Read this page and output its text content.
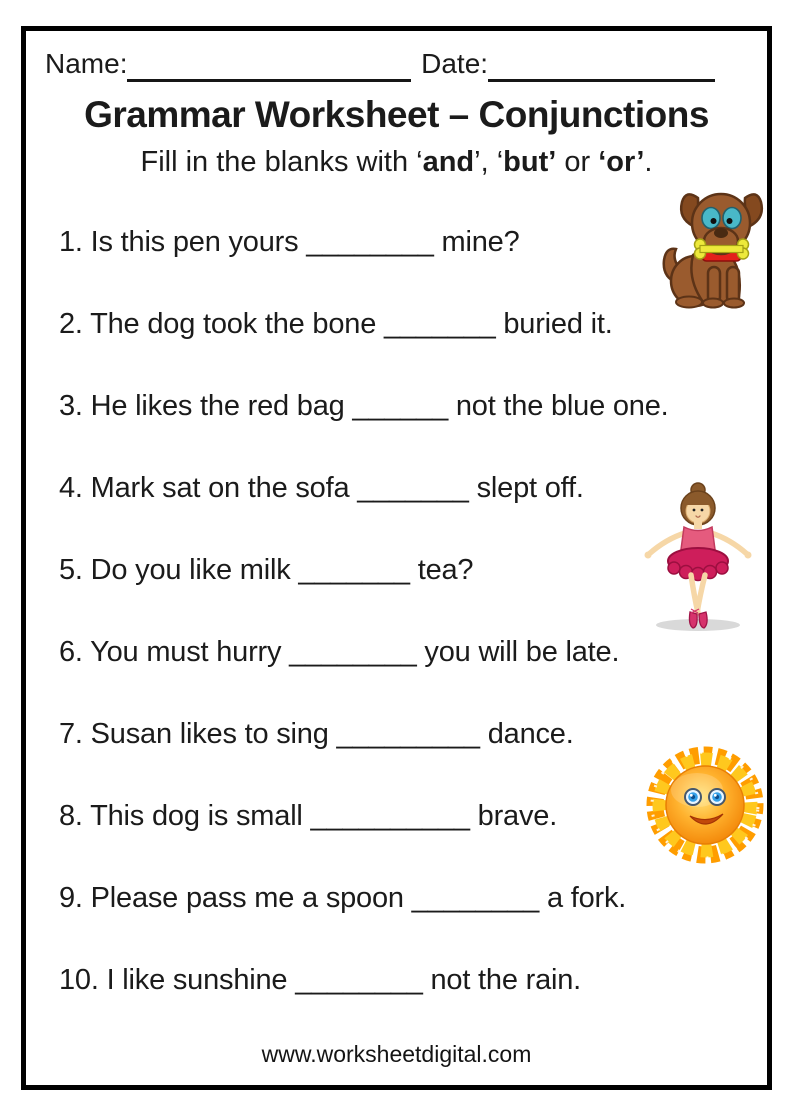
Name:	Date:
Grammar Worksheet – Conjunctions
Fill in the blanks with ‘and’, ‘but’ or ‘or’.
1. Is this pen yours ________ mine?
2. The dog took the bone _______ buried it.
3. He likes the red bag ______ not the blue one.
4. Mark sat on the sofa _______ slept off.
5. Do you like milk _______ tea?
6. You must hurry ________ you will be late.
7. Susan likes to sing _________ dance.
8. This dog is small __________ brave.
9. Please pass me a spoon ________ a fork.
10. I like sunshine ________ not the rain.
www.worksheetdigital.com
